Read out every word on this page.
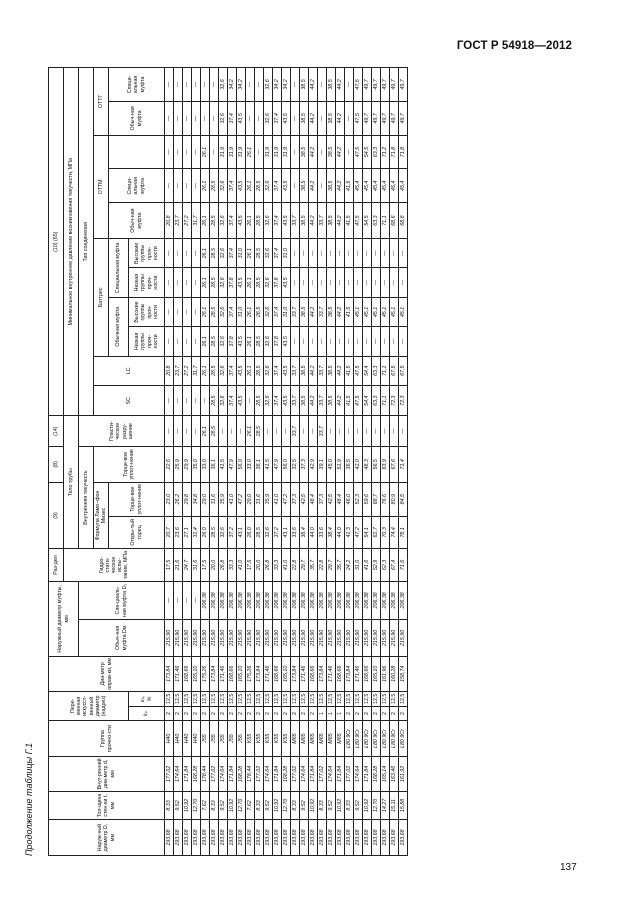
ГОСТ Р 54918—2012
Продолжение таблицы Г.1	Наруж-ный диаметр D, мм	Тол-щина стен-ки t, мм	Внут-ренний диа-метр d, мм	Группа прочно-сти	Пере-менная искусст-венный диаметр (надрез)		Диа-метр оправ-ки, мм	Наружный диаметр муфты, мм		Раз-дел	(9)		(8)	(14)	(10) (65)										
									Гидро-стати-ческое испы-тание, МПа	Тело трубы				Минимальное внутреннее давление возникновения текучести, МПа										
							Обыч-ная муфта Dм	Спе-циаль-ная муфта D₁		Внутренняя текучесть			Пласти-ческое разру-шение	Тип соединения										
										Формула Ламе–фон Мизес		Торце-вое уплот-нение		SC	LC	Баттрес				ОТТМ			ОТТГ	
										Откры-тый торец	Торце-вое уплот-нение					Обычная муфта		Специальная муфта		Обыч-ная муфта	Специ-альная муфта		Обыч-ная муфта	Специ-альная муфта
				kₚ	eₚ, %											Низкая группы проч-ности	Высокие группы проч-ности	Низкая группы проч-ности	Высокие группы проч-ности					
193,68	8,33	177,02	H40	2	12,5	173,84	215,90	—	17,5	20,7	23,0	22,6	—	—	20,8	—	—	—	—	20,8	—	—	—	—
193,68	9,52	174,64	H40	2	12,5	171,46	215,90	—	21,6	23,6	26,2	25,9	—	—	23,7	—	—	—	—	23,7	—	—	—	—
193,68	10,92	171,84	H40	2	12,5	168,66	215,90	—	24,7	27,1	29,8	29,9	—	—	27,2	—	—	—	—	27,2	—	—	—	—
193,68	12,70	168,28	H40	2	12,5	165,10	215,90	—	31,6	31,4	34,8	35,0	—	—	31,7	—	—	—	—	31,7	—	—	—	—
193,68	7,62	178,44	J55	2	12,5	175,26	215,90	206,38	17,5	26,0	29,0	33,0	26,1	—	26,1	26,1	26,1	26,1	26,1	26,1	26,1	26,1	—	—
193,68	8,33	177,02	J55	2	12,5	173,84	215,90	206,38	20,0	28,5	31,6	36,1	28,5	28,5	28,5	28,5	28,5	28,5	28,5	28,5	28,5	—	—	—
193,68	9,52	174,64	J55	2	12,5	171,46	215,90	206,38	26,8	32,6	35,9	41,5	—	32,6	32,6	32,6	32,6	32,6	32,6	32,6	32,6	31,9	32,6	32,6
193,68	10,92	171,84	J55	2	12,5	168,66	215,90	206,38	33,3	37,2	41,0	47,9	—	37,4	37,4	37,8	37,4	37,8	37,4	37,4	37,4	31,9	37,4	34,2
193,68	12,70	168,28	J55	2	12,5	165,10	215,90	206,38	41,0	43,1	47,2	56,0	—	43,5	43,5	43,5	31,0	43,5	31,0	43,5	43,5	31,9	43,5	34,2
193,68	7,62	178,44	K55	2	12,5	175,26	215,90	206,38	17,5	26,0	29,0	33,0	26,1	—	26,1	26,1	26,1	26,1	26,1	26,1	26,1	26,1	—	—
193,68	8,33	177,02	K55	2	12,5	173,84	215,90	206,38	20,0	28,5	31,6	36,1	28,5	28,5	28,5	28,5	28,5	28,5	28,5	28,5	28,5	—	—	—
193,68	9,52	174,64	K55	2	12,5	171,46	215,90	206,38	26,8	32,6	35,9	41,5	—	32,6	32,6	32,6	32,6	32,6	32,6	32,6	32,6	31,9	32,6	32,6
193,68	10,92	171,84	K55	2	12,5	168,66	215,90	206,38	33,3	37,2	41,0	47,9	—	37,4	37,4	37,8	37,4	37,8	37,4	37,4	37,4	31,9	37,4	34,2
193,68	12,70	168,28	K55	2	12,5	165,10	215,90	206,38	41,0	43,1	47,2	56,0	—	43,5	43,5	43,5	31,0	43,5	31,0	43,5	43,5	31,9	43,5	34,2
193,68	8,33	177,02	M65	2	12,5	173,84	215,90	206,38	22,8	33,6	37,3	32,5	33,7	33,7	33,7	—	33,7	—	—	33,7	—	—	—	—
193,68	9,52	174,64	M65	2	12,5	171,46	215,90	206,38	29,7	38,4	42,5	37,3	—	38,5	38,5	—	38,5	—	—	38,5	38,5	38,5	38,5	38,5
193,68	10,92	171,84	M65	2	12,5	168,66	215,90	206,38	35,7	44,0	48,4	42,9	—	44,2	44,2	—	44,2	—	—	44,2	44,2	44,2	44,2	44,2
193,68	8,33	177,02	M65	1	12,5	173,84	215,90	206,38	22,8	33,6	37,3	39,1	33,7	33,7	33,7	—	33,7	—	—	33,7	—	—	—	—
193,68	9,52	174,64	M65	1	12,5	171,46	215,90	206,38	29,7	38,4	42,5	45,0	—	38,5	38,5	—	38,5	—	—	38,5	38,5	38,5	38,5	38,5
193,68	10,92	171,84	M65	1	12,5	168,66	215,90	206,38	35,7	44,0	48,4	51,9	—	44,2	44,2	—	44,2	—	—	44,2	44,2	44,2	44,2	44,2
193,68	8,33	177,02	L80 9Cr	2	12,5	173,84	215,90	206,38	24,2	41,3	46,0	36,5	—	41,5	41,5	—	41,5	—	—	41,5	41,5	—	—	—
193,68	9,52	174,64	L80 9Cr	2	12,5	171,46	215,90	206,38	31,0	47,2	52,3	42,0	—	47,5	47,5	—	45,1	—	—	47,5	45,4	47,5	47,5	47,5
193,68	10,92	171,84	L80 9Cr	2	12,5	168,66	215,90	206,38	41,6	54,1	59,6	48,3	—	54,4	54,4	—	45,1	—	—	54,5	45,4	54,5	49,7	49,7
193,68	12,70	168,28	L80 9Cr	2	12,5	165,10	215,90	206,38	52,9	62,7	68,7	56,5	—	63,3	63,3	—	45,1	—	—	63,3	45,4	63,3	49,7	49,7
193,68	14,27	165,14	L80 9Cr	2	12,5	161,96	215,90	206,38	62,3	70,3	76,6	63,9	—	71,1	71,1	—	45,1	—	—	71,1	45,4	71,2	49,7	49,7
193,68	15,11	163,46	L80 9Cr	2	12,5	160,28	215,90	206,38	67,4	74,4	80,9	67,6	—	72,3	67,5	—	45,1	—	—	68,6	45,4	71,8	49,7	49,7
193,68	15,88	161,92	L80 9Cr	2	12,5	158,74	215,90	206,38	71,6	78,1	84,5	71,4	—	72,3	67,5	—	45,1	—	—	68,6	45,4	71,8	49,7	49,7
137
